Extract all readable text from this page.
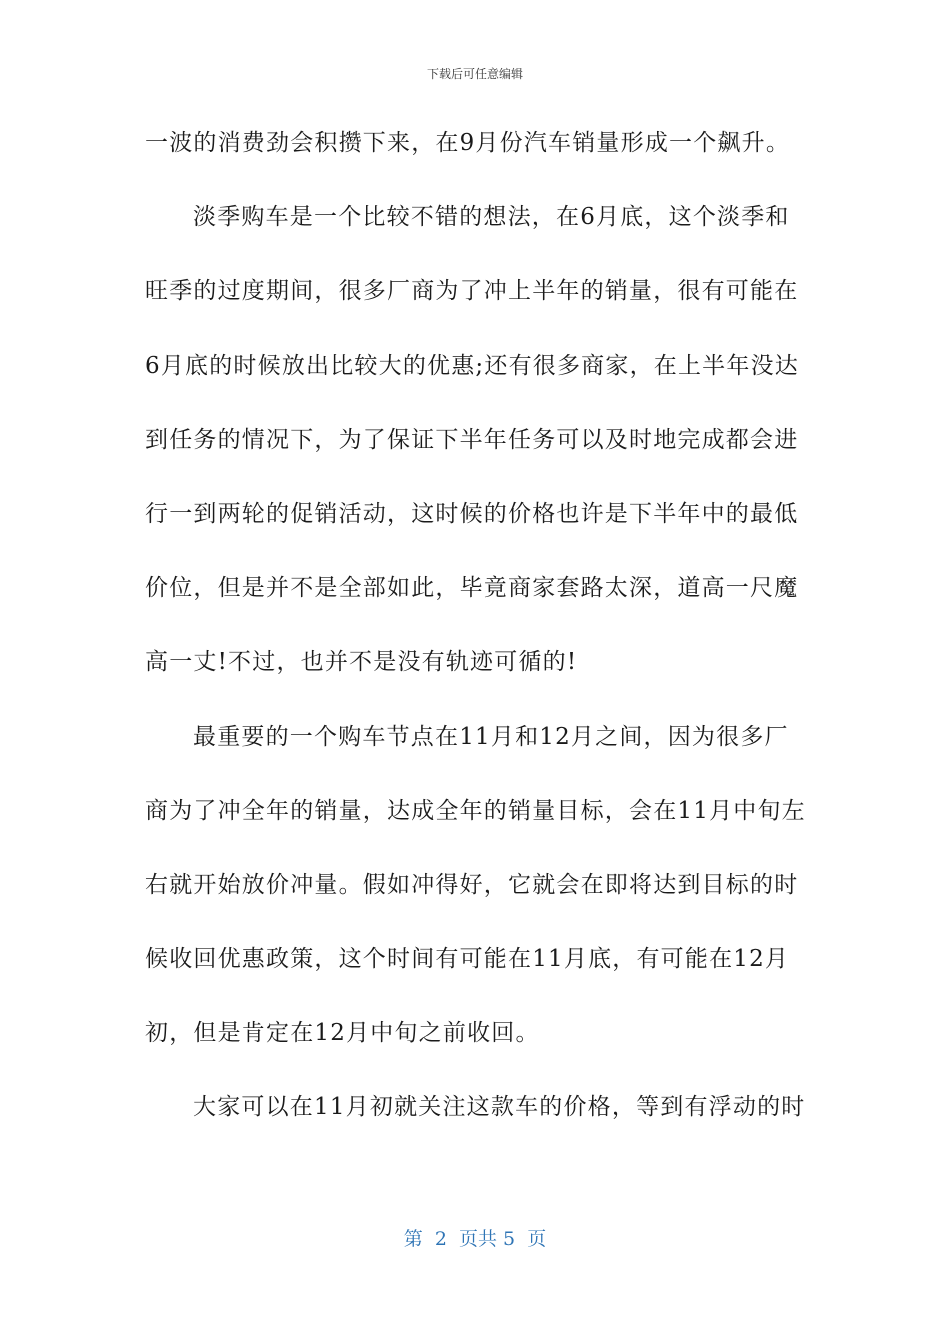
下载后可任意编辑
一波的消费劲会积攒下来，在9月份汽车销量形成一个飙升。
淡季购车是一个比较不错的想法，在6月底，这个淡季和
旺季的过度期间，很多厂商为了冲上半年的销量，很有可能在
6月底的时候放出比较大的优惠;还有很多商家，在上半年没达
到任务的情况下，为了保证下半年任务可以及时地完成都会进
行一到两轮的促销活动，这时候的价格也许是下半年中的最低
价位，但是并不是全部如此，毕竟商家套路太深，道高一尺魔
高一丈!不过，也并不是没有轨迹可循的!
最重要的一个购车节点在11月和12月之间，因为很多厂
商为了冲全年的销量，达成全年的销量目标，会在11月中旬左
右就开始放价冲量。假如冲得好，它就会在即将达到目标的时
候收回优惠政策，这个时间有可能在11月底，有可能在12月
初，但是肯定在12月中旬之前收回。
大家可以在11月初就关注这款车的价格，等到有浮动的时
第  2  页共 5  页
